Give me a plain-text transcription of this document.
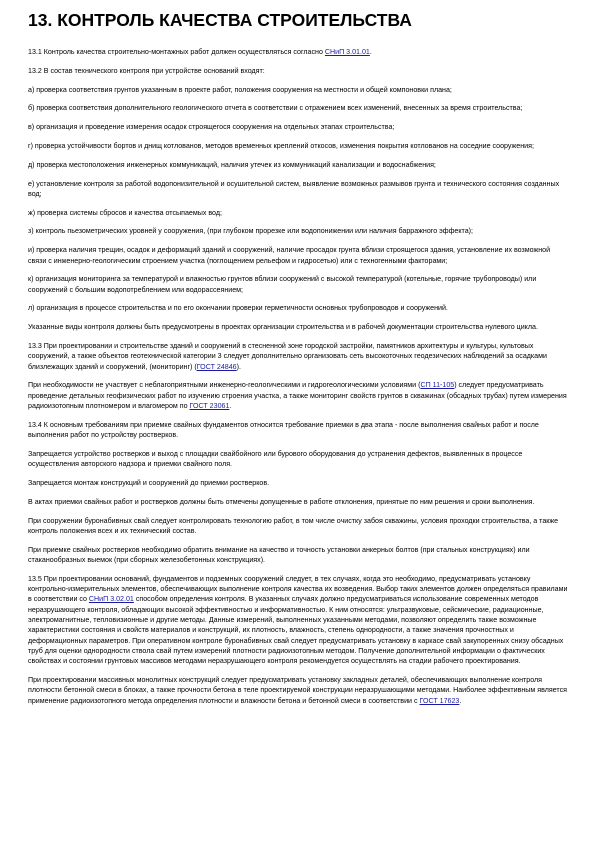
13. КОНТРОЛЬ КАЧЕСТВА СТРОИТЕЛЬСТВА

13.1 Контроль качества строительно-монтажных работ должен осуществляться согласно СНиП 3.01.01.

13.2 В состав технического контроля при устройстве оснований входят:

а) проверка соответствия грунтов указанным в проекте работ, положения сооружения на местности и общей компоновки плана;

б) проверка соответствия дополнительного геологического отчета в соответствии с отражением всех изменений, внесенных за время строительства;

в) организация и проведение измерения осадок строящегося сооружения на отдельных этапах строительства;

г) проверка устойчивости бортов и днищ котлованов, методов временных креплений откосов, изменения покрытия котлованов на соседние сооружения;

д) проверка местоположения инженерных коммуникаций, наличия утечек из коммуникаций канализации и водоснабжения;

е) установление контроля за работой водопонизительной и осушительной систем, выявление возможных размывов грунта и технического состояния созданных вод;

ж) проверка системы сбросов и качества отсыпаемых вод;

з) контроль пьезометрических уровней у сооружения, (при глубоком прорезке или водопонижении или наличия барражного эффекта);

и) проверка наличия трещин, осадок и деформаций зданий и сооружений, наличие просадок грунта вблизи строящегося здания, установление их возможной связи с инженерно-геологическим строением участка (поглощением рельефом и гидросетью) или с техногенными факторами;

к) организация мониторинга за температурой и влажностью грунтов вблизи сооружений с высокой температурой (котельные, горячие трубопроводы) или сооружений с большим водопотреблением или водорассеянием;

л) организация в процессе строительства и по его окончании проверки герметичности основных трубопроводов и сооружений.

Указанные виды контроля должны быть предусмотрены в проектах организации строительства и в рабочей документации строительства нулевого цикла.

13.3 При проектировании и строительстве зданий и сооружений в стесненной зоне городской застройки, памятников архитектуры и культуры, культовых сооружений, а также объектов геотехнической категории 3 следует дополнительно организовать сеть высокоточных геодезических наблюдений за осадками близлежащих зданий и сооружений, (мониторинг) (ГОСТ 24846).

При необходимости не участвует с неблагоприятными инженерно-геологическими и гидрогеологическими условиями (СП 11-105) следует предусматривать проведение детальных геофизических работ по изучению строения участка, а также мониторинг свойств грунтов в скважинах (обсадных трубах) путем измерения радиоизотопным плотномером и влагомером по ГОСТ 23061.

13.4 К основным требованиям при приемке свайных фундаментов относится требование приемки в два этапа - после выполнения свайных работ и после выполнения работ по устройству ростверков.

Запрещается устройство ростверков и выход с площадки свайбойного или бурового оборудования до устранения дефектов, выявленных в процессе осуществления авторского надзора и приемки свайного поля.

Запрещается монтаж конструкций и сооружений до приемки ростверков.

В актах приемки свайных работ и ростверков должны быть отмечены допущенные в работе отклонения, принятые по ним решения и сроки выполнения.

При сооружении буронабивных свай следует контролировать технологию работ, в том числе очистку забоя скважины, условия проходки строительства, а также контроль положения всех и их технический состав.

При приемке свайных ростверков необходимо обратить внимание на качество и точность установки анкерных болтов (при стальных конструкциях) или стаканообразных выемок (при сборных железобетонных конструкциях).

13.5 При проектировании оснований, фундаментов и подземных сооружений следует, в тех случаях, когда это необходимо, предусматривать установку контрольно-измерительных элементов, обеспечивающих выполнение контроля качества их возведения. Выбор таких элементов должен определяться правилами в соответствии со СНиП 3.02.01 способом определения контроля. В указанных случаях должно предусматриваться использование современных методов неразрушающего контроля, обладающих высокой эффективностью и информативностью. К ним относятся: ультразвуковые, сейсмические, радиационные, электромагнитные, тепловизионные и другие методы. Данные измерений, выполненных указанными методами, позволяют определить также возможные характеристики состояния и свойств материалов и конструкций, их плотность, влажность, степень однородности, а также значения прочностных и деформационных параметров. При оперативном контроле буронабивных свай следует предусматривать установку в каркасе свай закупоренных снизу обсадных труб для оценки однородности ствола свай путем измерений плотности радиоизотопным методом. Получение дополнительной информации о фактических свойствах и состоянии грунтовых массивов методами неразрушающего контроля рекомендуется осуществлять на стадии рабочего проектирования.

При проектировании массивных монолитных конструкций следует предусматривать установку закладных деталей, обеспечивающих выполнение контроля плотности бетонной смеси в блоках, а также прочности бетона в теле проектируемой конструкции неразрушающими методами. Наиболее эффективным является применение радиоизотопного метода определения плотности и влажности бетона и бетонной смеси в соответствии с ГОСТ 17623.
